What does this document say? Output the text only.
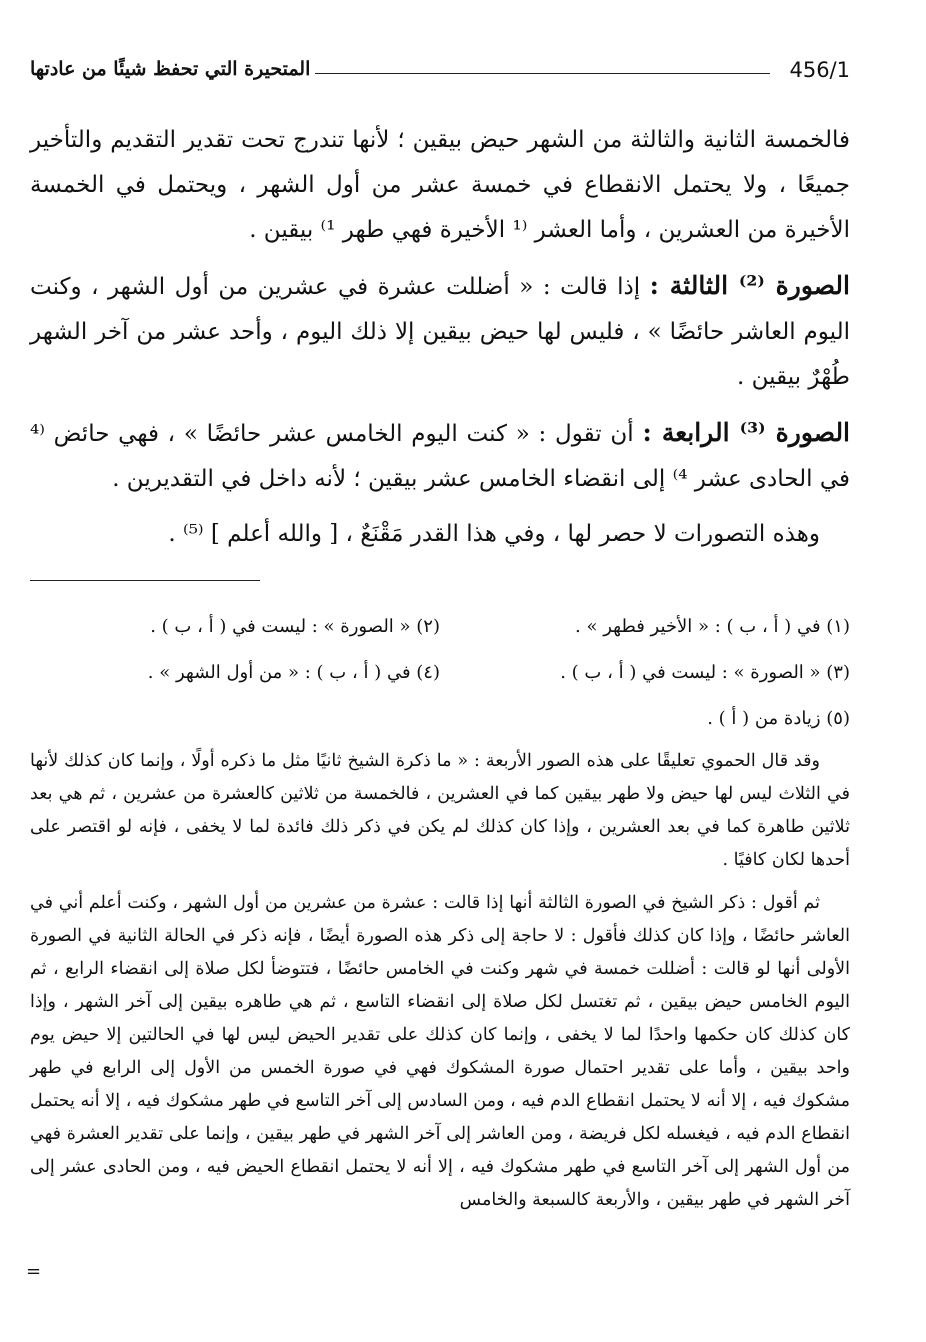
456/1
المتحيرة التي تحفظ شيئًا من عادتها

فالخمسة الثانية والثالثة من الشهر حيض بيقين ؛ لأنها تندرج تحت تقدير التقديم والتأخير جميعًا ، ولا يحتمل الانقطاع في خمسة عشر من أول الشهر ، ويحتمل في الخمسة الأخيرة من العشرين ، وأما العشر ⁽¹ الأخيرة فهي طهر ¹⁾ بيقين .

الصورة ⁽²⁾ الثالثة : إذا قالت : « أضللت عشرة في عشرين من أول الشهر ، وكنت اليوم العاشر حائضًا » ، فليس لها حيض بيقين إلا ذلك اليوم ، وأحد عشر من آخر الشهر طُهْرٌ بيقين .

الصورة ⁽³⁾ الرابعة : أن تقول : « كنت اليوم الخامس عشر حائضًا » ، فهي حائض ⁽⁴ في الحادى عشر ⁴⁾ إلى انقضاء الخامس عشر بيقين ؛ لأنه داخل في التقديرين .

وهذه التصورات لا حصر لها ، وفي هذا القدر مَقْنَعٌ ، [ والله أعلم ] ⁽⁵⁾ .

(١) في ( أ ، ب ) : « الأخير فطهر » .
(٢) « الصورة » : ليست في ( أ ، ب ) .
(٣) « الصورة » : ليست في ( أ ، ب ) .
(٤) في ( أ ، ب ) : « من أول الشهر » .
(٥) زيادة من ( أ ) .

وقد قال الحموي تعليقًا على هذه الصور الأربعة : « ما ذكرة الشيخ ثانيًا مثل ما ذكره أولًا ، وإنما كان كذلك لأنها في الثلاث ليس لها حيض ولا طهر بيقين كما في العشرين ، فالخمسة من ثلاثين كالعشرة من عشرين ، ثم هي بعد ثلاثين طاهرة كما في بعد العشرين ، وإذا كان كذلك لم يكن في ذكر ذلك فائدة لما لا يخفى ، فإنه لو اقتصر على أحدها لكان كافيًا .

ثم أقول : ذكر الشيخ في الصورة الثالثة أنها إذا قالت : عشرة من عشرين من أول الشهر ، وكنت أعلم أني في العاشر حائضًا ، وإذا كان كذلك فأقول : لا حاجة إلى ذكر هذه الصورة أيضًا ، فإنه ذكر في الحالة الثانية في الصورة الأولى أنها لو قالت : أضللت خمسة في شهر وكنت في الخامس حائضًا ، فتتوضأ لكل صلاة إلى انقضاء الرابع ، ثم اليوم الخامس حيض بيقين ، ثم تغتسل لكل صلاة إلى انقضاء التاسع ، ثم هي طاهره بيقين إلى آخر الشهر ، وإذا كان كذلك كان حكمها واحدًا لما لا يخفى ، وإنما كان كذلك على تقدير الحيض ليس لها في الحالتين إلا حيض يوم واحد بيقين ، وأما على تقدير احتمال صورة المشكوك فهي في صورة الخمس من الأول إلى الرابع في طهر مشكوك فيه ، إلا أنه لا يحتمل انقطاع الدم فيه ، ومن السادس إلى آخر التاسع في طهر مشكوك فيه ، إلا أنه يحتمل انقطاع الدم فيه ، فيغسله لكل فريضة ، ومن العاشر إلى آخر الشهر في طهر بيقين ، وإنما على تقدير العشرة فهي من أول الشهر إلى آخر التاسع في طهر مشكوك فيه ، إلا أنه لا يحتمل انقطاع الحيض فيه ، ومن الحادى عشر إلى آخر الشهر في طهر بيقين ، والأربعة كالسبعة والخامس

=
